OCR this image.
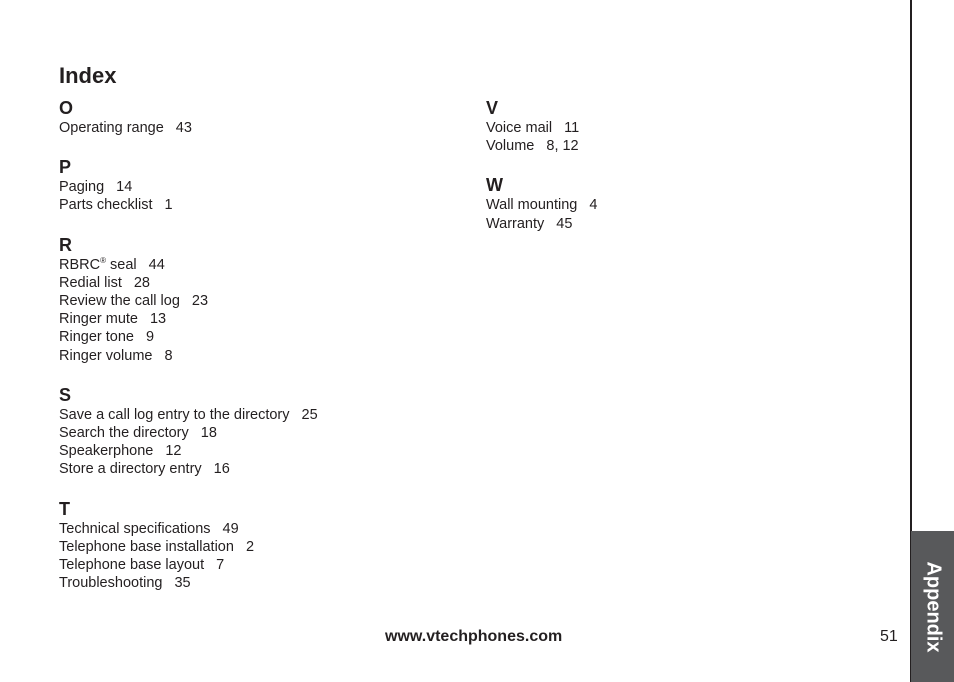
Appendix
Index
O
Operating range 43
P
Paging 14
Parts checklist 1
R
RBRC® seal 44
Redial list 28
Review the call log 23
Ringer mute 13
Ringer tone 9
Ringer volume 8
S
Save a call log entry to the directory 25
Search the directory 18
Speakerphone 12
Store a directory entry 16
T
Technical specifications 49
Telephone base installation 2
Telephone base layout 7
Troubleshooting 35
V
Voice mail 11
Volume 8, 12
W
Wall mounting 4
Warranty 45
www.vtechphones.com	51
